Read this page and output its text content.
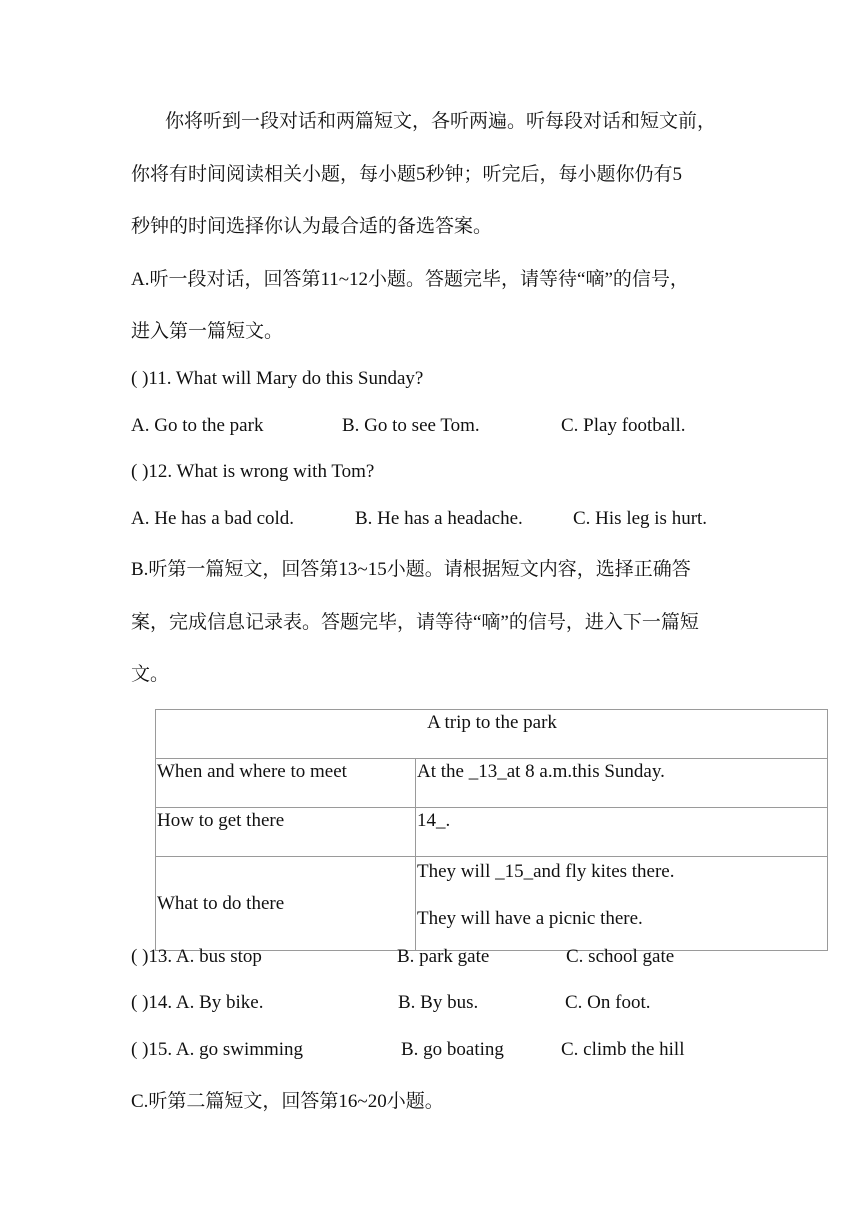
你将听到一段对话和两篇短文，各听两遍。听每段对话和短文前，
你将有时间阅读相关小题，每小题5秒钟；听完后，每小题你仍有5
秒钟的时间选择你认为最合适的备选答案。
A.听一段对话，回答第11~12小题。答题完毕，请等待“嘀”的信号，
进入第一篇短文。
( )11. What will Mary do this Sunday?
A. Go to the park	B. Go to see Tom.	C. Play football.
( )12. What is wrong with Tom?
A. He has a bad cold.	B. He has a headache.	C. His leg is hurt.
B.听第一篇短文，回答第13~15小题。请根据短文内容，选择正确答
案，完成信息记录表。答题完毕，请等待“嘀”的信号，进入下一篇短
文。
A trip to the park	
When and where to meet	At the _13_at 8 a.m.this Sunday.
How to get there	14_.
What to do there	They will _15_and fly kites there.
They will have a picnic there.
( )13. A. bus stop	B. park gate	C. school gate
( )14. A. By bike.	B. By bus.	C. On foot.
( )15. A. go swimming	B. go boating	C. climb the hill
C.听第二篇短文，回答第16~20小题。
